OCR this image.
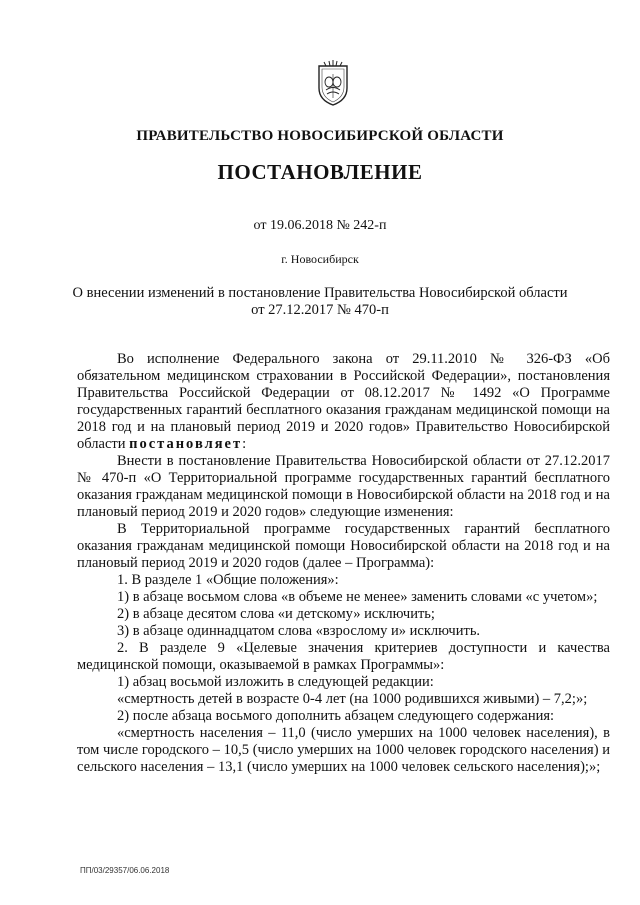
ПРАВИТЕЛЬСТВО НОВОСИБИРСКОЙ ОБЛАСТИ
ПОСТАНОВЛЕНИЕ
от 19.06.2018 № 242-п
г. Новосибирск
О внесении изменений в постановление Правительства Новосибирской области
от 27.12.2017 № 470-п

Во исполнение Федерального закона от 29.11.2010 № 326-ФЗ «Об обязательном медицинском страховании в Российской Федерации», постановления Правительства Российской Федерации от 08.12.2017 № 1492 «О Программе государственных гарантий бесплатного оказания гражданам медицинской помощи на 2018 год и на плановый период 2019 и 2020 годов» Правительство Новосибирской области постановляет:

Внести в постановление Правительства Новосибирской области от 27.12.2017 № 470-п «О Территориальной программе государственных гарантий бесплатного оказания гражданам медицинской помощи в Новосибирской области на 2018 год и на плановый период 2019 и 2020 годов» следующие изменения:

В Территориальной программе государственных гарантий бесплатного оказания гражданам медицинской помощи Новосибирской области на 2018 год и на плановый период 2019 и 2020 годов (далее – Программа):

1. В разделе 1 «Общие положения»:

1) в абзаце восьмом слова «в объеме не менее» заменить словами «с учетом»;

2) в абзаце десятом слова «и детскому» исключить;

3) в абзаце одиннадцатом слова «взрослому и» исключить.

2. В разделе 9 «Целевые значения критериев доступности и качества медицинской помощи, оказываемой в рамках Программы»:

1) абзац восьмой изложить в следующей редакции:

«смертность детей в возрасте 0-4 лет (на 1000 родившихся живыми) – 7,2;»;

2) после абзаца восьмого дополнить абзацем следующего содержания:

«смертность населения – 11,0 (число умерших на 1000 человек населения), в том числе городского – 10,5 (число умерших на 1000 человек городского населения) и сельского населения – 13,1 (число умерших на 1000 человек сельского населения);»;

ПП/03/29357/06.06.2018
